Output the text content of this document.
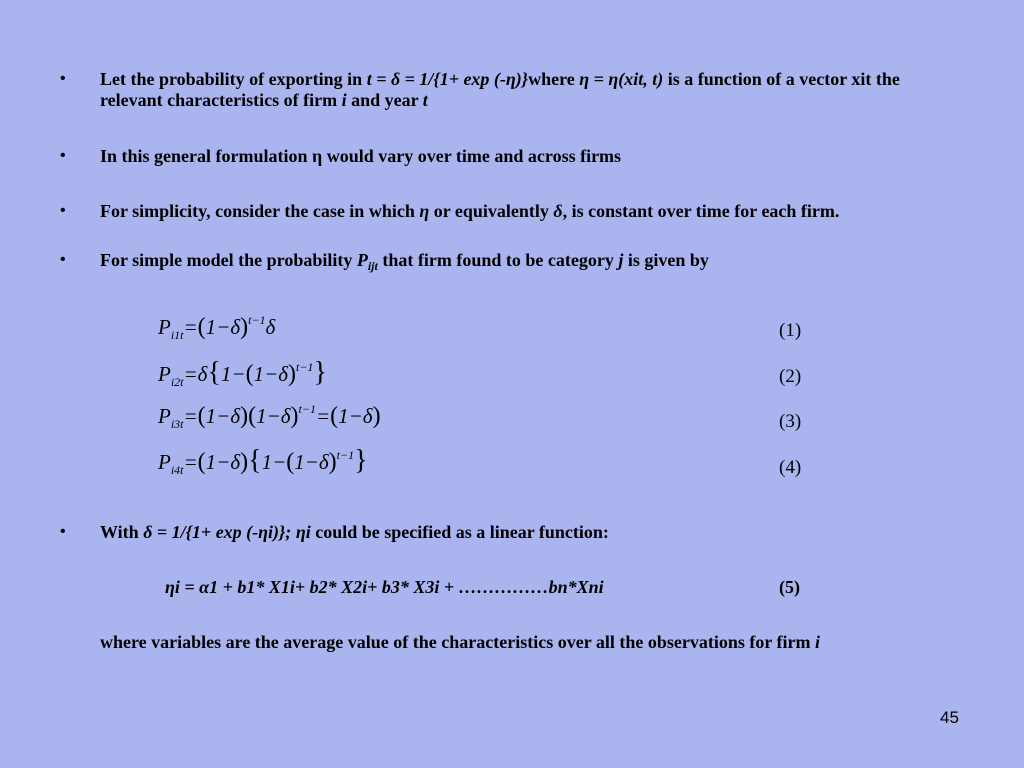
• Let the probability of exporting in t = δ = 1/{1+ exp (-η)}where η = η(xit, t) is a function of a vector xit the relevant characteristics of firm i and year t
• In this general formulation η would vary over time and across firms
• For simplicity, consider the case in which η or equivalently δ, is constant over time for each firm.
• For simple model the probability $P_{ijt}$ that firm found to be category j is given by
$P_{i1t}=(1-\delta)^{t-1}\delta$	(1)
$P_{i2t}=\delta\{1-(1-\delta)^{t-1}\}$	(2)
$P_{i3t}=(1-\delta)(1-\delta)^{t-1}=(1-\delta)$	(3)
$P_{i4t}=(1-\delta)\{1-(1-\delta)^{t-1}\}$	(4)
• With δ = 1/{1+ exp (-ηi)}; ηi could be specified as a linear function:
ηi = α1 + b1* X1i+ b2* X2i+ b3* X3i + ……………bn*Xni	(5)
where variables are the average value of the characteristics over all the observations for firm i
45
